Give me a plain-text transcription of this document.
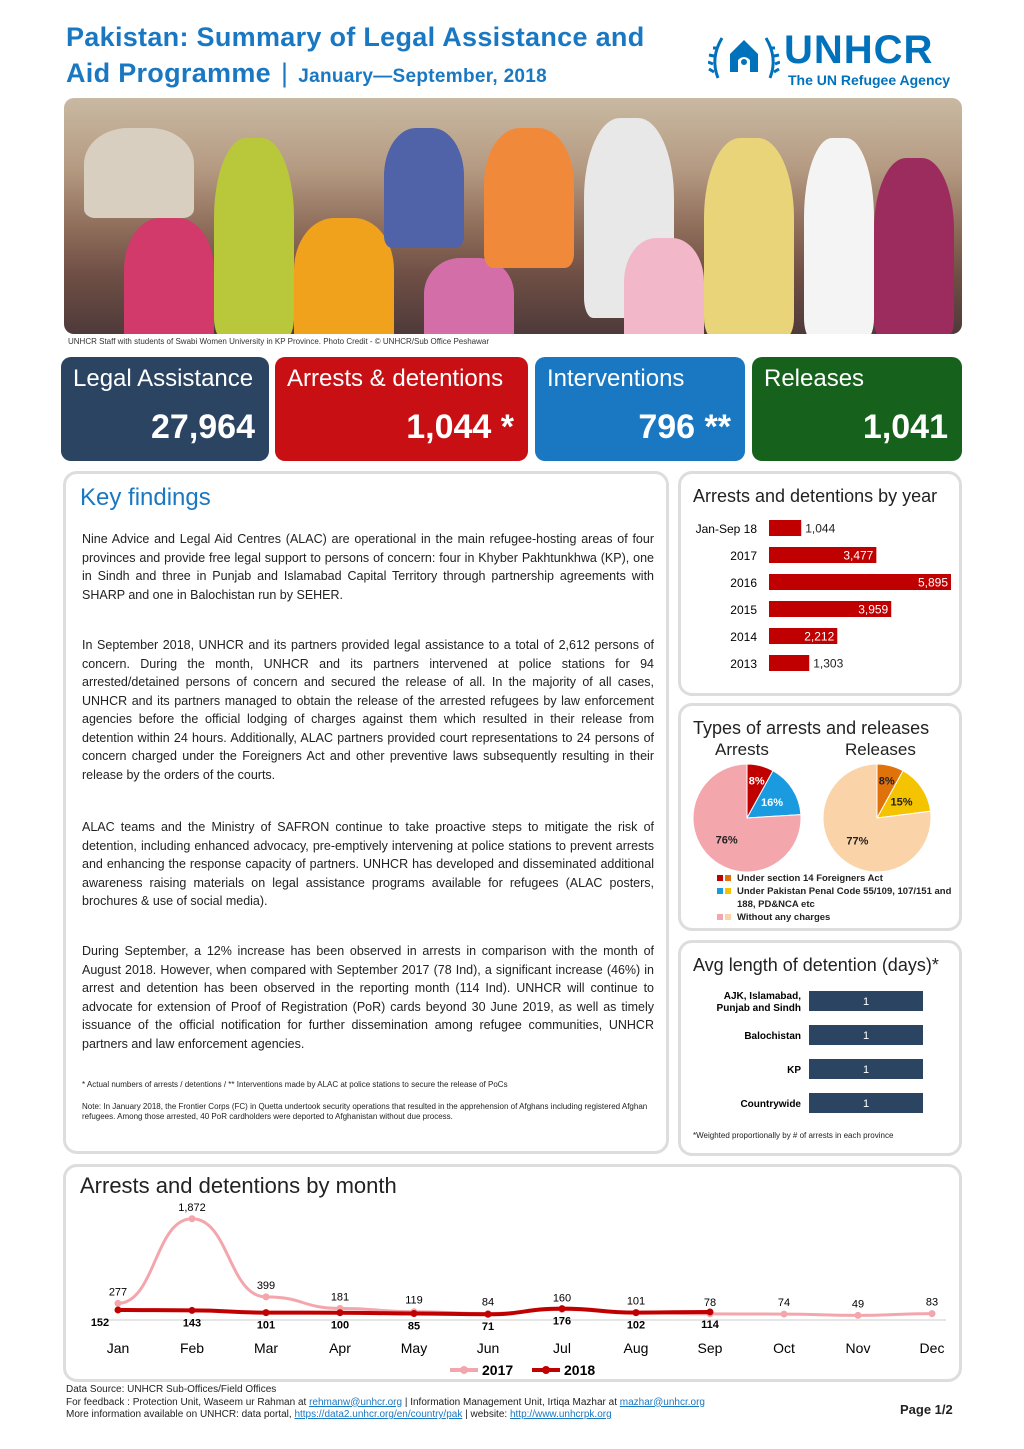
Pakistan: Summary of Legal Assistance and
Aid Programme | January—September, 2018
UNHCR
The UN Refugee Agency
UNHCR Staff with students of Swabi Women University in KP Province. Photo Credit - © UNHCR/Sub Office Peshawar
Legal Assistance
27,964
Arrests & detentions
1,044 *
Interventions
796 **
Releases
1,041
Key findings

Nine Advice and Legal Aid Centres (ALAC) are operational in the main refugee-hosting areas of four provinces and provide free legal support to persons of concern: four in Khyber Pakhtunkhwa (KP), one in Sindh and three in Punjab and Islamabad Capital Territory through partnership agreements with SHARP and one in Balochistan run by SEHER.

In September 2018, UNHCR and its partners provided legal assistance to a total of 2,612 persons of concern. During the month, UNHCR and its partners intervened at police stations for 94 arrested/detained persons of concern and secured the release of all. In the majority of all cases, UNHCR and its partners managed to obtain the release of the arrested refugees by law enforcement agencies before the official lodging of charges against them which resulted in their release from detention within 24 hours. Additionally, ALAC partners provided court representations to 24 persons of concern charged under the Foreigners Act and other preventive laws subsequently resulting in their release by the orders of the courts.

ALAC teams and the Ministry of SAFRON continue to take proactive steps to mitigate the risk of detention, including enhanced advocacy, pre-emptively intervening at police stations to prevent arrests and enhancing the response capacity of partners. UNHCR has developed and disseminated additional awareness raising materials on legal assistance programs available for refugees (ALAC posters, brochures & use of social media).

During September, a 12% increase has been observed in arrests in comparison with the month of August 2018. However, when compared with September 2017 (78 Ind), a significant increase (46%) in arrest and detention has been observed in the reporting month (114 Ind). UNHCR will continue to advocate for extension of Proof of Registration (PoR) cards beyond 30 June 2019, as well as timely issuance of the official notification for further dissemination among refugee communities, UNHCR partners and law enforcement agencies.

* Actual numbers of arrests / detentions / ** Interventions made by ALAC at police stations to secure the release of PoCs

Note: In January 2018, the Frontier Corps (FC) in Quetta undertook security operations that resulted in the apprehension of Afghans including registered Afghan refugees. Among those arrested, 40 PoR cardholders were deported to Afghanistan without due process.

Arrests and detentions by year
Jan-Sep 18	1,044
2017	3,477
2016	5,895
2015	3,959
2014	2,212
2013	1,303
Types of arrests and releases
Arrests	Releases
8%
16%
76%
8%
15%
77%
Under section 14 Foreigners Act
Under Pakistan Penal Code 55/109, 107/151 and 188, PD&NCA etc
Without any charges
Avg length of detention (days)*
AJK, Islamabad, Punjab and Sindh
1
Balochistan	1
KP	1
Countrywide	1
*Weighted proportionally by # of arrests in each province
Arrests and detentions by month
Jan	Feb	Mar	Apr	May	Jun	Jul	Aug	Sep	Oct	Nov	Dec
277
1,872
399
181	119	84	160	101	78	74	49	83
152	143	101	100	85	71	176	102	114
2017	2018
Data Source: UNHCR Sub-Offices/Field Offices
For feedback : Protection Unit, Waseem ur Rahman at rehmanw@unhcr.org | Information Management Unit, Irtiqa Mazhar at mazhar@unhcr.org
More information available on UNHCR: data portal, https://data2.unhcr.org/en/country/pak | website: http://www.unhcrpk.org	Page 1/2
